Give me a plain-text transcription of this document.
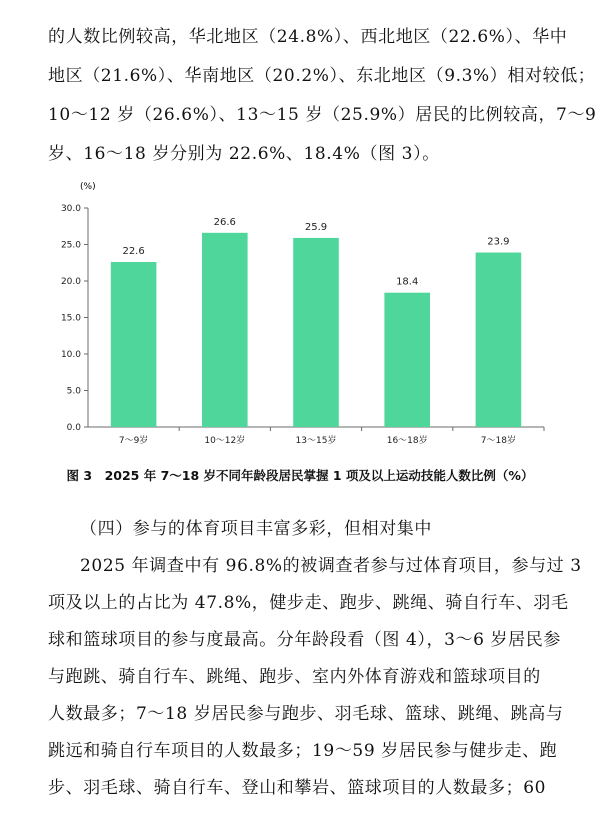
的人数比例较高，华北地区（24.8%）、西北地区（22.6%）、华中
地区（21.6%）、华南地区（20.2%）、东北地区（9.3%）相对较低；
10～12 岁（26.6%）、13～15 岁（25.9%）居民的比例较高，7～9
岁、16～18 岁分别为 22.6%、18.4%（图 3）。
(%)
0.0
5.0
10.0
15.0
20.0
25.0
30.0
7～9岁	10～12岁	13～15岁	16～18岁	7～18岁
22.6
26.6	25.9
18.4
23.9
图 3　2025 年 7～18 岁不同年龄段居民掌握 1 项及以上运动技能人数比例（%）
（四）参与的体育项目丰富多彩，但相对集中
2025 年调查中有 96.8%的被调查者参与过体育项目，参与过 3
项及以上的占比为 47.8%，健步走、跑步、跳绳、骑自行车、羽毛
球和篮球项目的参与度最高。分年龄段看（图 4），3～6 岁居民参
与跑跳、骑自行车、跳绳、跑步、室内外体育游戏和篮球项目的
人数最多；7～18 岁居民参与跑步、羽毛球、篮球、跳绳、跳高与
跳远和骑自行车项目的人数最多；19～59 岁居民参与健步走、跑
步、羽毛球、骑自行车、登山和攀岩、篮球项目的人数最多；60
